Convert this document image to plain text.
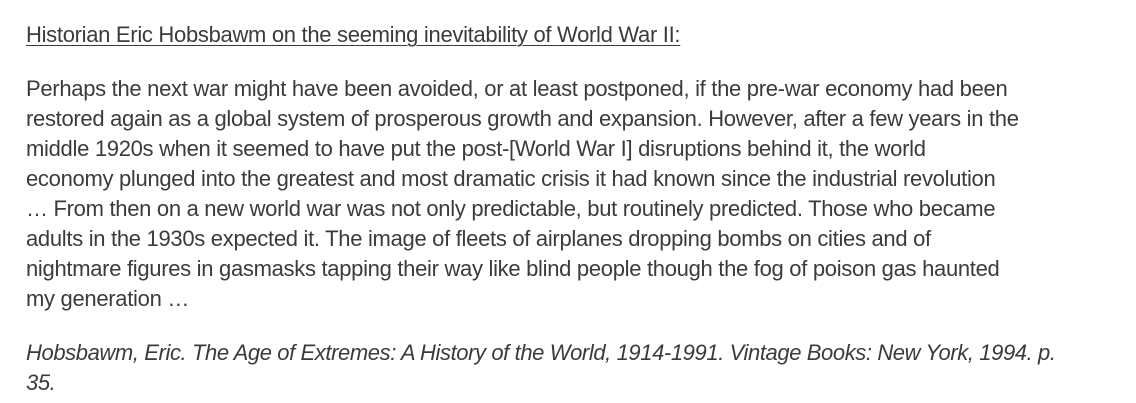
Historian Eric Hobsbawm on the seeming inevitability of World War II:
Perhaps the next war might have been avoided, or at least postponed, if the pre-war economy had been
restored again as a global system of prosperous growth and expansion. However, after a few years in the
middle 1920s when it seemed to have put the post-[World War I] disruptions behind it, the world
economy plunged into the greatest and most dramatic crisis it had known since the industrial revolution
… From then on a new world war was not only predictable, but routinely predicted. Those who became
adults in the 1930s expected it. The image of fleets of airplanes dropping bombs on cities and of
nightmare figures in gasmasks tapping their way like blind people though the fog of poison gas haunted
my generation …
Hobsbawm, Eric. The Age of Extremes: A History of the World, 1914-1991. Vintage Books: New York, 1994. p.
35.
